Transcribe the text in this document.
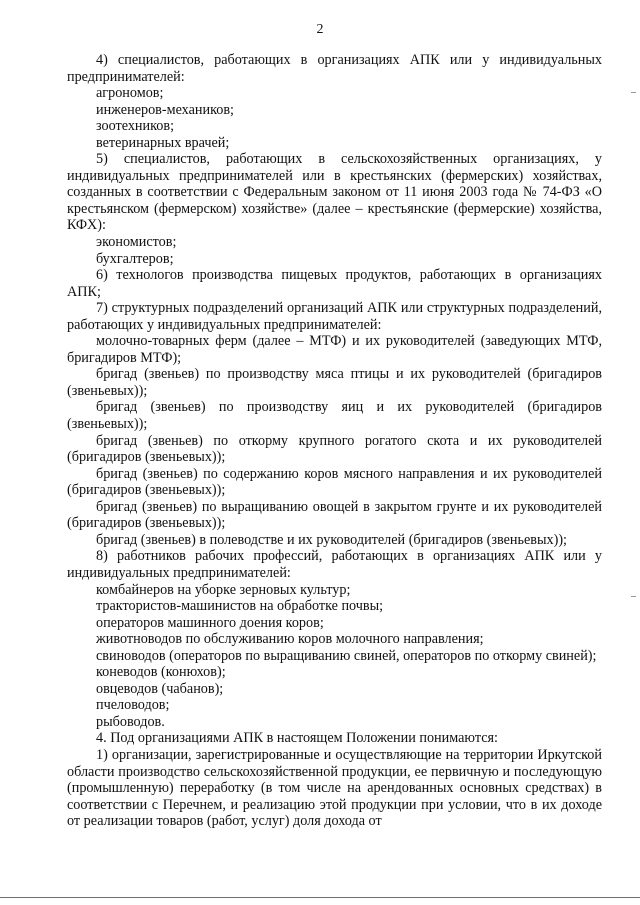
2

4) специалистов, работающих в организациях АПК или у индивидуальных предпринимателей:

агрономов;

инженеров-механиков;

зоотехников;

ветеринарных врачей;

5) специалистов, работающих в сельскохозяйственных организациях, у индивидуальных предпринимателей или в крестьянских (фермерских) хозяйствах, созданных в соответствии с Федеральным законом от 11 июня 2003 года № 74-ФЗ «О крестьянском (фермерском) хозяйстве» (далее – крестьянские (фермерские) хозяйства, КФХ):

экономистов;

бухгалтеров;

6) технологов производства пищевых продуктов, работающих в организациях АПК;

7) структурных подразделений организаций АПК или структурных подразделений, работающих у индивидуальных предпринимателей:

молочно-товарных ферм (далее – МТФ) и их руководителей (заведующих МТФ, бригадиров МТФ);

бригад (звеньев) по производству мяса птицы и их руководителей (бригадиров (звеньевых));

бригад (звеньев) по производству яиц и их руководителей (бригадиров (звеньевых));

бригад (звеньев) по откорму крупного рогатого скота и их руководителей (бригадиров (звеньевых));

бригад (звеньев) по содержанию коров мясного направления и их руководителей (бригадиров (звеньевых));

бригад (звеньев) по выращиванию овощей в закрытом грунте и их руководителей (бригадиров (звеньевых));

бригад (звеньев) в полеводстве и их руководителей (бригадиров (звеньевых));

8) работников рабочих профессий, работающих в организациях АПК или у индивидуальных предпринимателей:

комбайнеров на уборке зерновых культур;

трактористов-машинистов на обработке почвы;

операторов машинного доения коров;

животноводов по обслуживанию коров молочного направления;

свиноводов (операторов по выращиванию свиней, операторов по откорму свиней);

коневодов (конюхов);

овцеводов (чабанов);

пчеловодов;

рыбоводов.

4. Под организациями АПК в настоящем Положении понимаются:

1) организации, зарегистрированные и осуществляющие на территории Иркутской области производство сельскохозяйственной продукции, ее первичную и последующую (промышленную) переработку (в том числе на арендованных основных средствах) в соответствии с Перечнем, и реализацию этой продукции при условии, что в их доходе от реализации товаров (работ, услуг) доля дохода от
